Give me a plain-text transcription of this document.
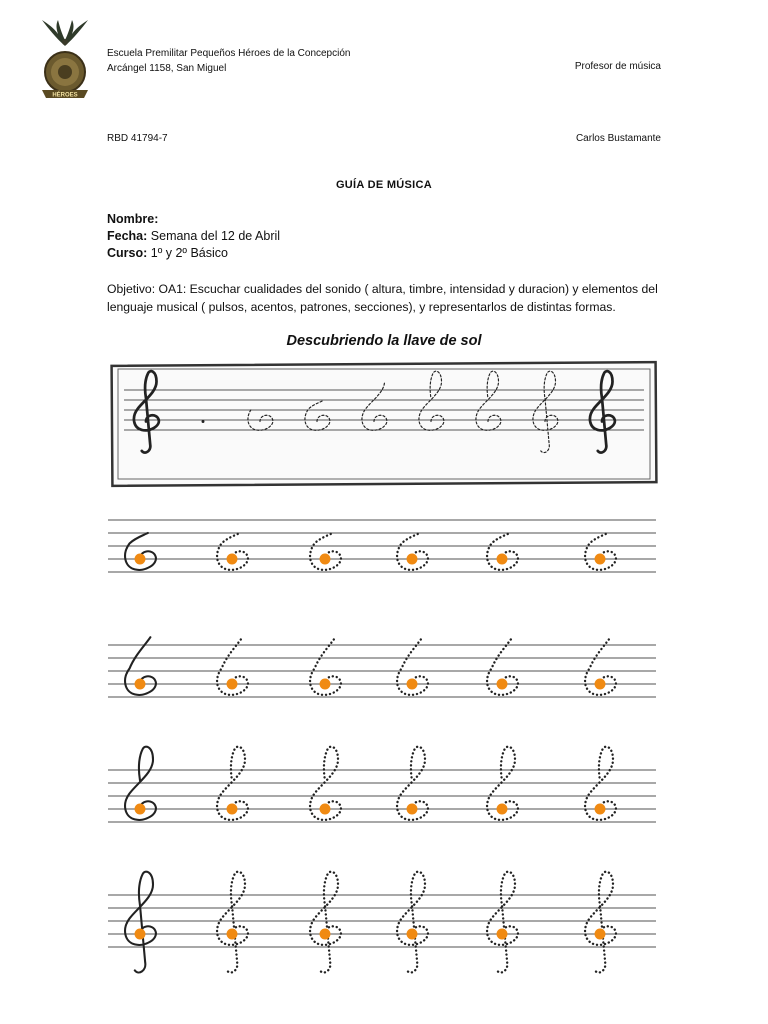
HÉROES
Escuela Premilitar Pequeños Héroes de la Concepción
Arcángel 1158, San Miguel	Profesor de música
RBD 41794-7	Carlos Bustamante
GUÍA DE MÚSICA
Nombre:
Fecha: Semana del 12 de Abril
Curso: 1º y 2º Básico
Objetivo: OA1: Escuchar cualidades del sonido ( altura, timbre, intensidad y duracion) y elementos del lenguaje musical ( pulsos, acentos, patrones, secciones), y representarlos de distintas formas.
Descubriendo la llave de sol
